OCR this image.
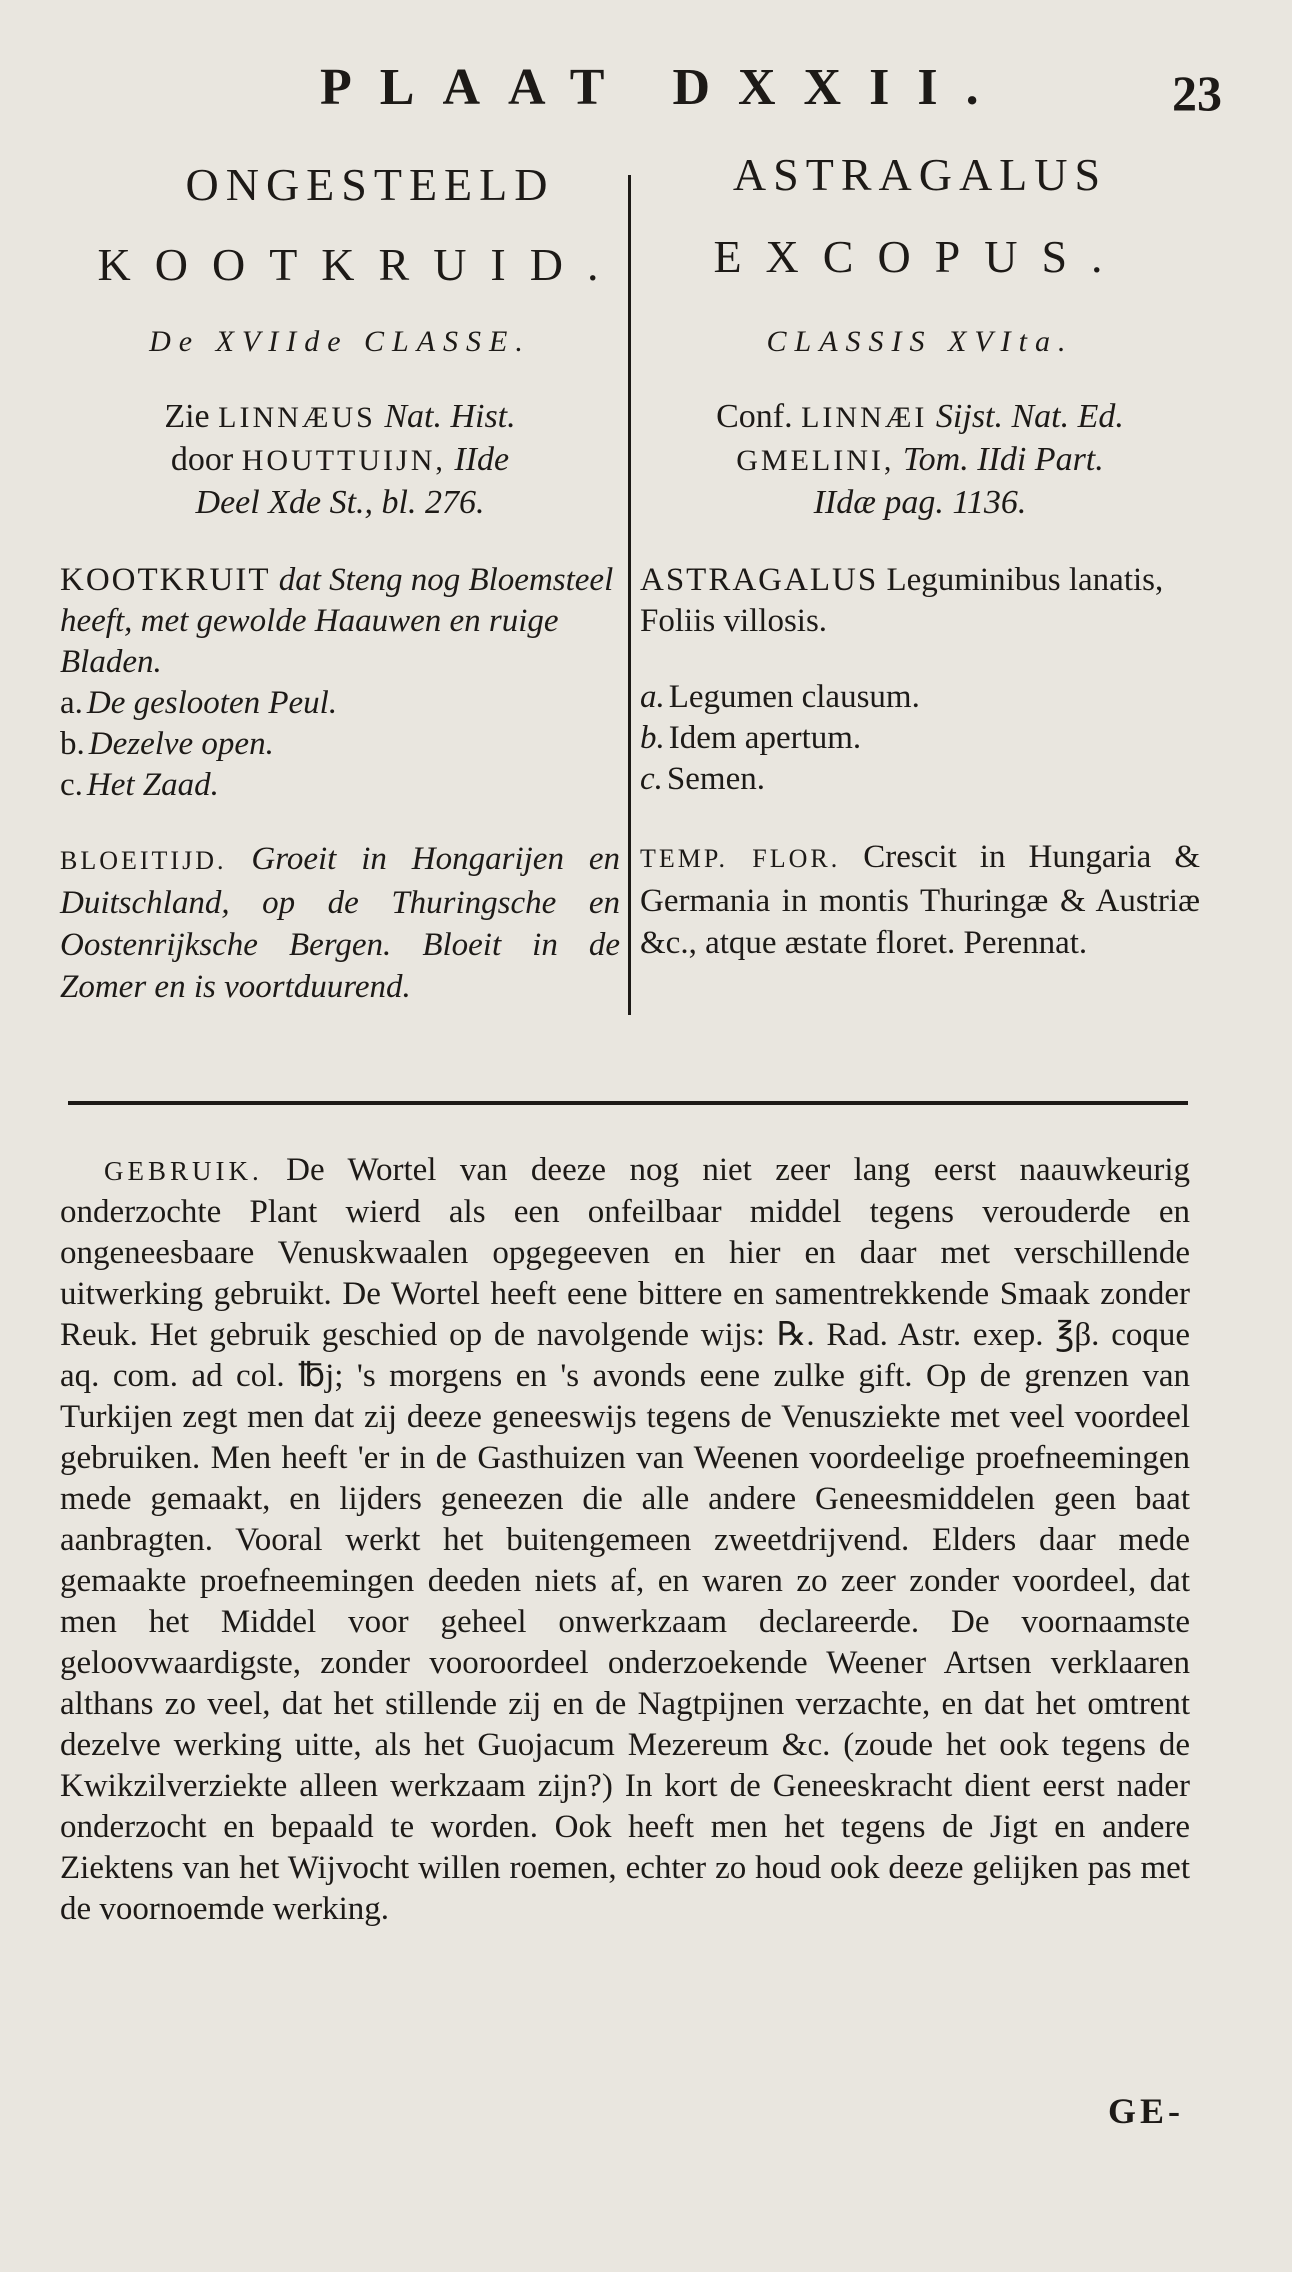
PLAAT DXXII.	23
ONGESTEELD
KOOTKRUID.
De XVIIde CLASSE.
Zie LINNÆUS Nat. Hist.
door HOUTTUIJN, IIde
Deel Xde St., bl. 276.
KOOTKRUIT dat Steng nog Bloemsteel heeft, met gewolde Haauwen en ruige Bladen.
a. De geslooten Peul.
b. Dezelve open.
c. Het Zaad.
BLOEITIJD. Groeit in Hongarijen en Duitschland, op de Thuringsche en Oostenrijksche Bergen. Bloeit in de Zomer en is voortduurend.
ASTRAGALUS
EXCOPUS.
CLASSIS XVIta.
Conf. LINNÆI Sijst. Nat. Ed.
GMELINI, Tom. IIdi Part.
IIdæ pag. 1136.
ASTRAGALUS Leguminibus lanatis, Foliis villosis.
a. Legumen clausum.
b. Idem apertum.
c. Semen.
TEMP. FLOR. Crescit in Hungaria & Germania in montis Thuringæ & Austriæ &c., atque æstate floret. Perennat.

GEBRUIK. De Wortel van deeze nog niet zeer lang eerst naauwkeurig onderzochte Plant wierd als een onfeilbaar middel tegens verouderde en ongeneesbaare Venuskwaalen opgegeeven en hier en daar met verschillende uitwerking gebruikt. De Wortel heeft eene bittere en samentrekkende Smaak zonder Reuk. Het gebruik geschied op de navolgende wijs: ℞. Rad. Astr. exep. ℥β. coque aq. com. ad col. ℔j; 's morgens en 's avonds eene zulke gift. Op de grenzen van Turkijen zegt men dat zij deeze geneeswijs tegens de Venusziekte met veel voordeel gebruiken. Men heeft 'er in de Gasthuizen van Weenen voordeelige proefneemingen mede gemaakt, en lijders geneezen die alle andere Geneesmiddelen geen baat aanbragten. Vooral werkt het buitengemeen zweetdrijvend. Elders daar mede gemaakte proefneemingen deeden niets af, en waren zo zeer zonder voordeel, dat men het Middel voor geheel onwerkzaam declareerde. De voornaamste geloovwaardigste, zonder vooroordeel onderzoekende Weener Artsen verklaaren althans zo veel, dat het stillende zij en de Nagtpijnen verzachte, en dat het omtrent dezelve werking uitte, als het Guojacum Mezereum &c. (zoude het ook tegens de Kwikzilverziekte alleen werkzaam zijn?) In kort de Geneeskracht dient eerst nader onderzocht en bepaald te worden. Ook heeft men het tegens de Jigt en andere Ziektens van het Wijvocht willen roemen, echter zo houd ook deeze gelijken pas met de voornoemde werking.

GE-
